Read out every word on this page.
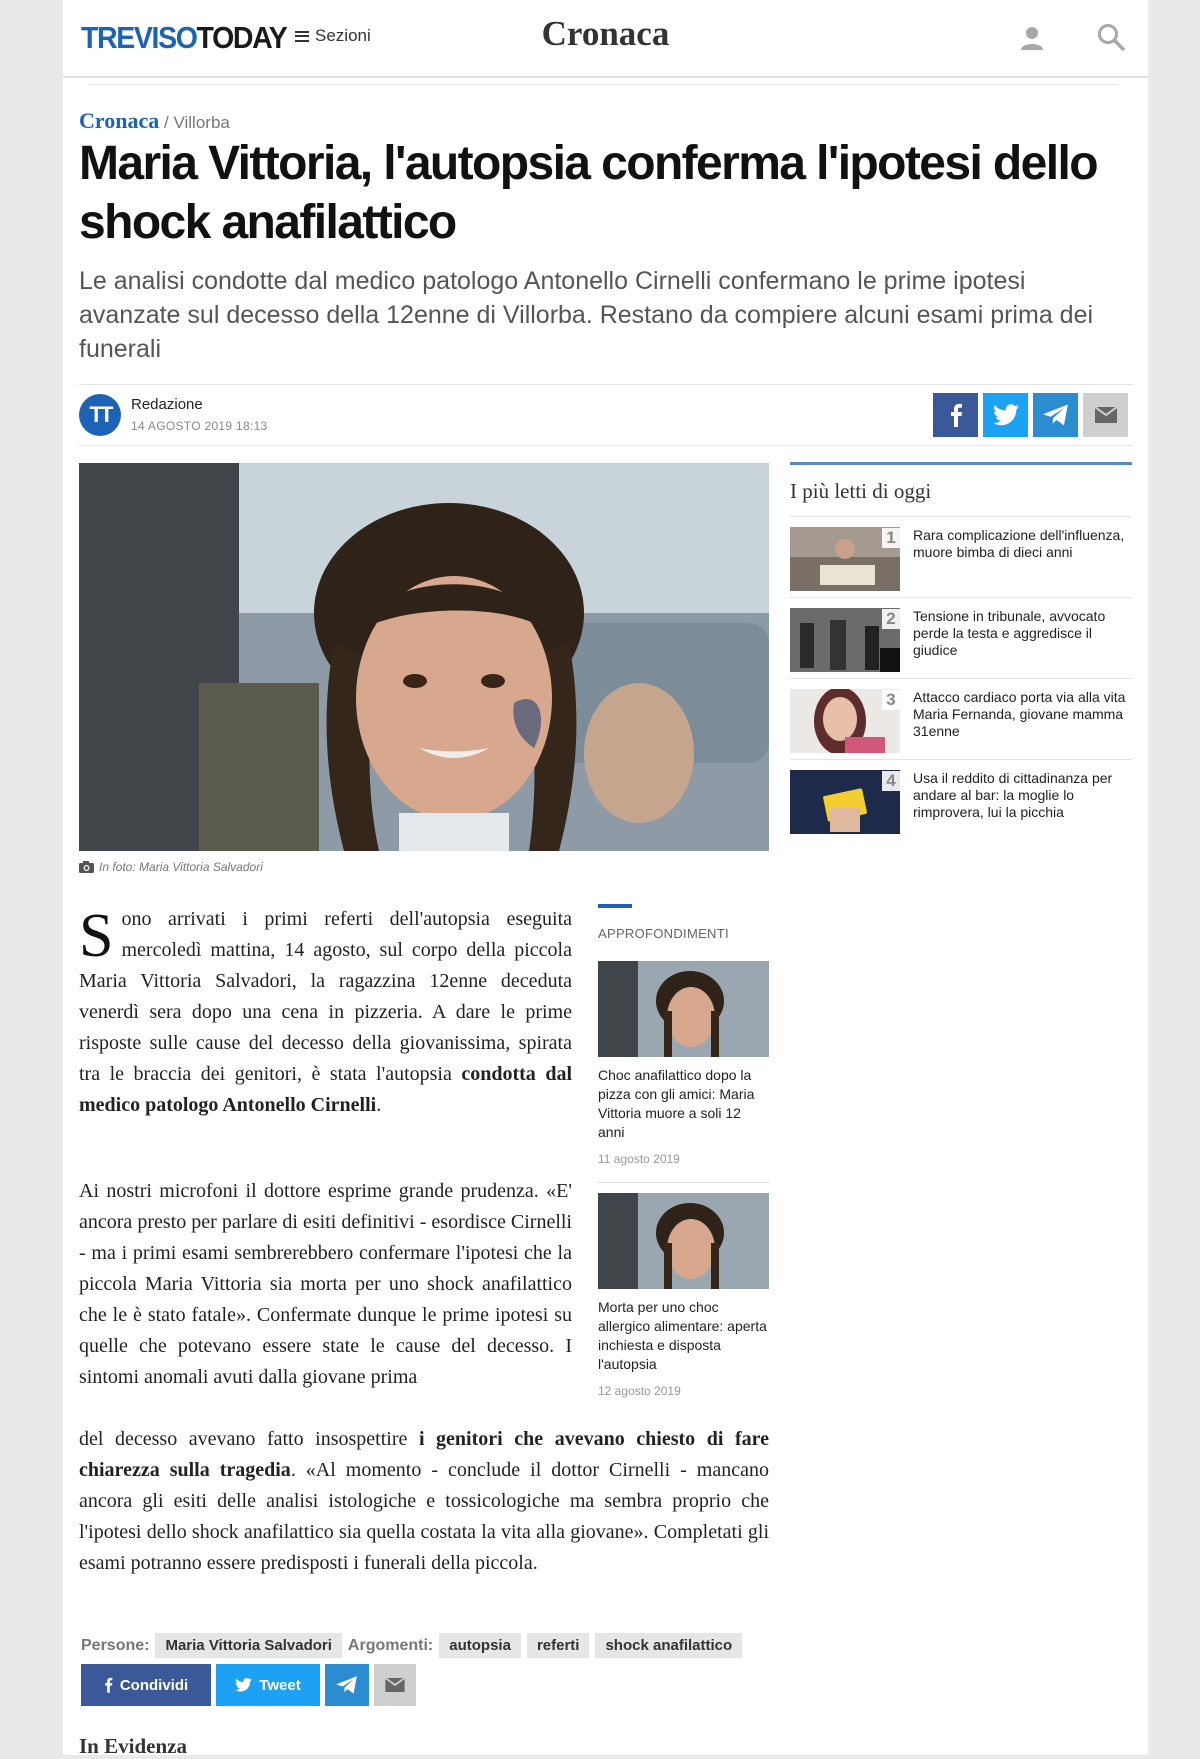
TREVISOTODAY Sezioni	Cronaca
Cronaca / Villorba
Maria Vittoria, l'autopsia conferma l'ipotesi dello shock anafilattico

Le analisi condotte dal medico patologo Antonello Cirnelli confermano le prime ipotesi avanzate sul decesso della 12enne di Villorba. Restano da compiere alcuni esami prima dei funerali

TT	Redazione
14 AGOSTO 2019 18:13
In foto: Maria Vittoria Salvadori
I più letti di oggi
1	Rara complicazione dell'influenza, muore bimba di dieci anni
2	Tensione in tribunale, avvocato perde la testa e aggredisce il giudice
3	Attacco cardiaco porta via alla vita Maria Fernanda, giovane mamma 31enne
4	Usa il reddito di cittadinanza per andare al bar: la moglie lo rimprovera, lui la picchia

Sono arrivati i primi referti dell'autopsia eseguita mercoledì mattina, 14 agosto, sul corpo della piccola Maria Vittoria Salvadori, la ragazzina 12enne deceduta venerdì sera dopo una cena in pizzeria. A dare le prime risposte sulle cause del decesso della giovanissima, spirata tra le braccia dei genitori, è stata l'autopsia condotta dal medico patologo Antonello Cirnelli.

Ai nostri microfoni il dottore esprime grande prudenza. «E' ancora presto per parlare di esiti definitivi - esordisce Cirnelli - ma i primi esami sembrerebbero confermare l'ipotesi che la piccola Maria Vittoria sia morta per uno shock anafilattico che le è stato fatale». Confermate dunque le prime ipotesi su quelle che potevano essere state le cause del decesso. I sintomi anomali avuti dalla giovane prima

del decesso avevano fatto insospettire i genitori che avevano chiesto di fare chiarezza sulla tragedia. «Al momento - conclude il dottor Cirnelli - mancano ancora gli esiti delle analisi istologiche e tossicologiche ma sembra proprio che l'ipotesi dello shock anafilattico sia quella costata la vita alla giovane». Completati gli esami potranno essere predisposti i funerali della piccola.

APPROFONDIMENTI
Choc anafilattico dopo la pizza con gli amici: Maria Vittoria muore a soli 12 anni
11 agosto 2019
Morta per uno choc allergico alimentare: aperta inchiesta e disposta l'autopsia
12 agosto 2019
Persone:	Maria Vittoria Salvadori	Argomenti:	autopsia	referti	shock anafilattico
Condividi	Tweet
In Evidenza
